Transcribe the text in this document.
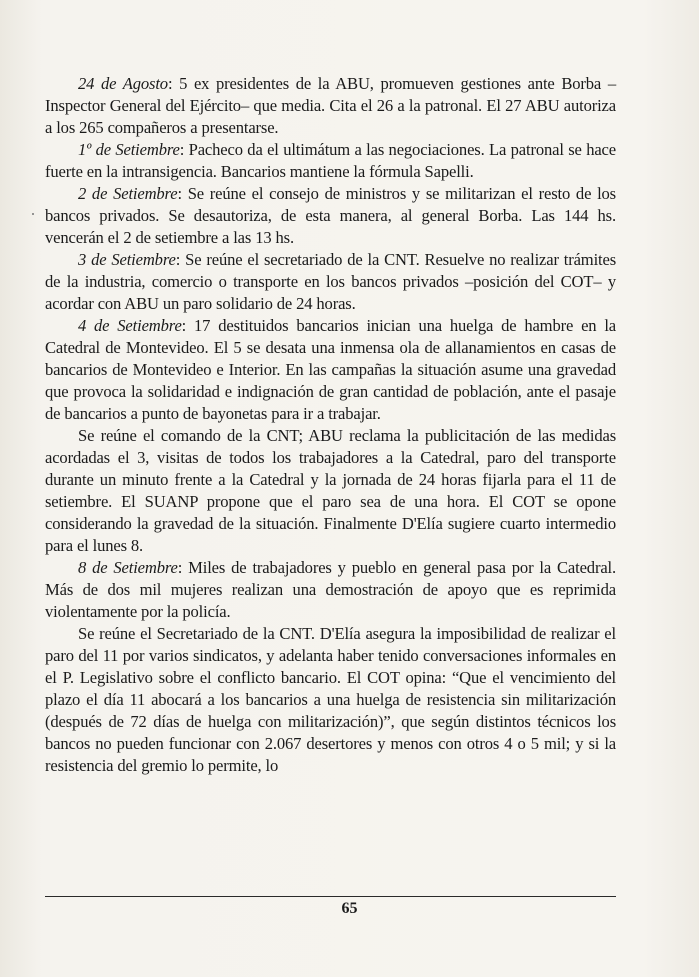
24 de Agosto: 5 ex presidentes de la ABU, promueven gestiones ante Borba –Inspector General del Ejército– que media. Cita el 26 a la patronal. El 27 ABU autoriza a los 265 compañeros a presentarse.

1º de Setiembre: Pacheco da el ultimátum a las negociaciones. La patronal se hace fuerte en la intransigencia. Bancarios mantiene la fórmula Sapelli.

2 de Setiembre: Se reúne el consejo de ministros y se militarizan el resto de los bancos privados. Se desautoriza, de esta manera, al general Borba. Las 144 hs. vencerán el 2 de setiembre a las 13 hs.

3 de Setiembre: Se reúne el secretariado de la CNT. Resuelve no realizar trámites de la industria, comercio o transporte en los bancos privados –posición del COT– y acordar con ABU un paro solidario de 24 horas.

4 de Setiembre: 17 destituidos bancarios inician una huelga de hambre en la Catedral de Montevideo. El 5 se desata una inmensa ola de allanamientos en casas de bancarios de Montevideo e Interior. En las campañas la situación asume una gravedad que provoca la solidaridad e indignación de gran cantidad de población, ante el pasaje de bancarios a punto de bayonetas para ir a trabajar.

Se reúne el comando de la CNT; ABU reclama la publicitación de las medidas acordadas el 3, visitas de todos los trabajadores a la Catedral, paro del transporte durante un minuto frente a la Catedral y la jornada de 24 horas fijarla para el 11 de setiembre. El SUANP propone que el paro sea de una hora. El COT se opone considerando la gravedad de la situación. Finalmente D'Elía sugiere cuarto intermedio para el lunes 8.

8 de Setiembre: Miles de trabajadores y pueblo en general pasa por la Catedral. Más de dos mil mujeres realizan una demostración de apoyo que es reprimida violentamente por la policía.

Se reúne el Secretariado de la CNT. D'Elía asegura la imposibilidad de realizar el paro del 11 por varios sindicatos, y adelanta haber tenido conversaciones informales en el P. Legislativo sobre el conflicto bancario. El COT opina: “Que el vencimiento del plazo el día 11 abocará a los bancarios a una huelga de resistencia sin militarización (después de 72 días de huelga con militarización)”, que según distintos técnicos los bancos no pueden funcionar con 2.067 desertores y menos con otros 4 o 5 mil; y si la resistencia del gremio lo permite, lo

65
